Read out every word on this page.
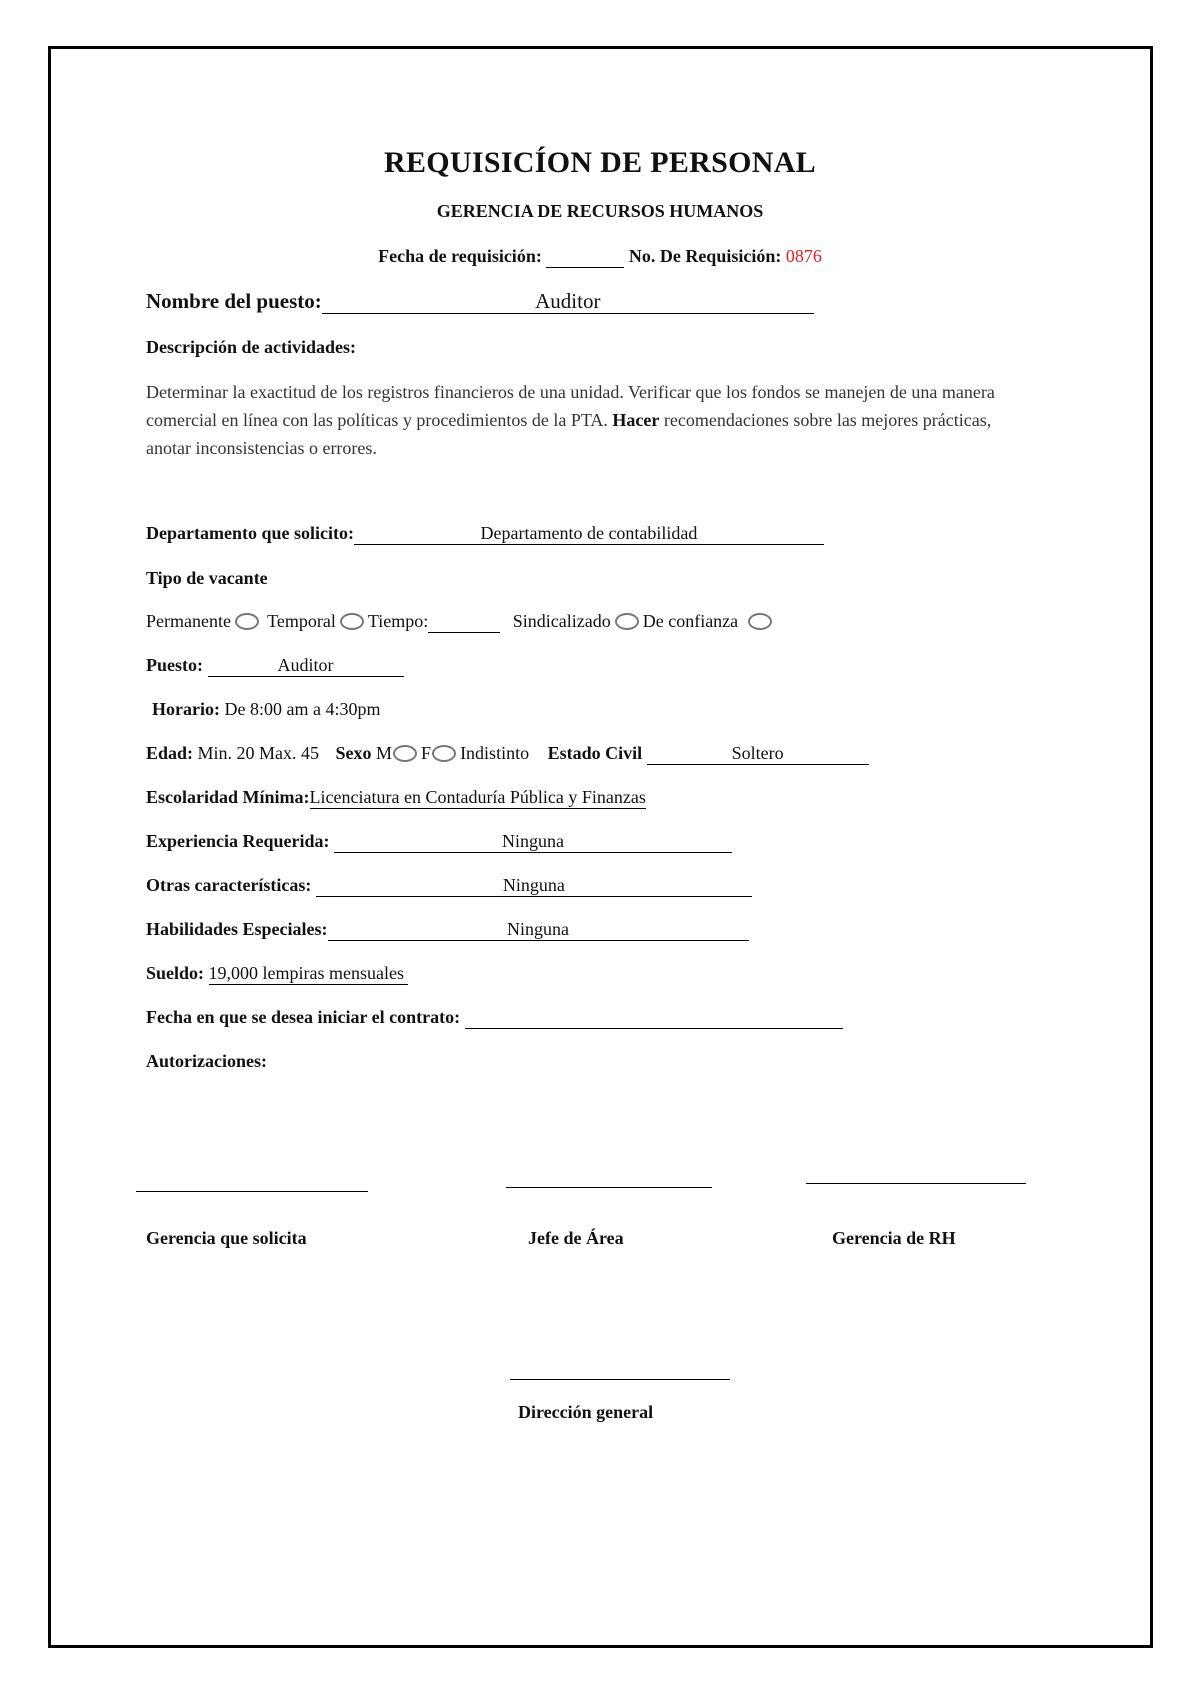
REQUISICÍON DE PERSONAL
GERENCIA DE RECURSOS HUMANOS
Fecha de requisición:	No. De Requisición: 0876
Nombre del puesto:	Auditor
Descripción de actividades:
Determinar la exactitud de los registros financieros de una unidad. Verificar que los fondos se manejen de una manera comercial en línea con las políticas y procedimientos de la PTA. Hacer recomendaciones sobre las mejores prácticas, anotar inconsistencias o errores.
Departamento que solicito:	Departamento de contabilidad
Tipo de vacante
Permanente Temporal Tiempo:	Sindicalizado De confianza
Puesto:	Auditor
Horario: De 8:00 am a 4:30pm
Edad: Min. 20 Max. 45 Sexo M F Indistinto Estado Civil	Soltero
Escolaridad Mínima:Licenciatura en Contaduría Pública y Finanzas
Experiencia Requerida:	Ninguna
Otras características:	Ninguna
Habilidades Especiales:	Ninguna
Sueldo: 19,000 lempiras mensuales
Fecha en que se desea iniciar el contrato:
Autorizaciones:
Gerencia que solicita	Jefe de Área	Gerencia de RH
Dirección general
